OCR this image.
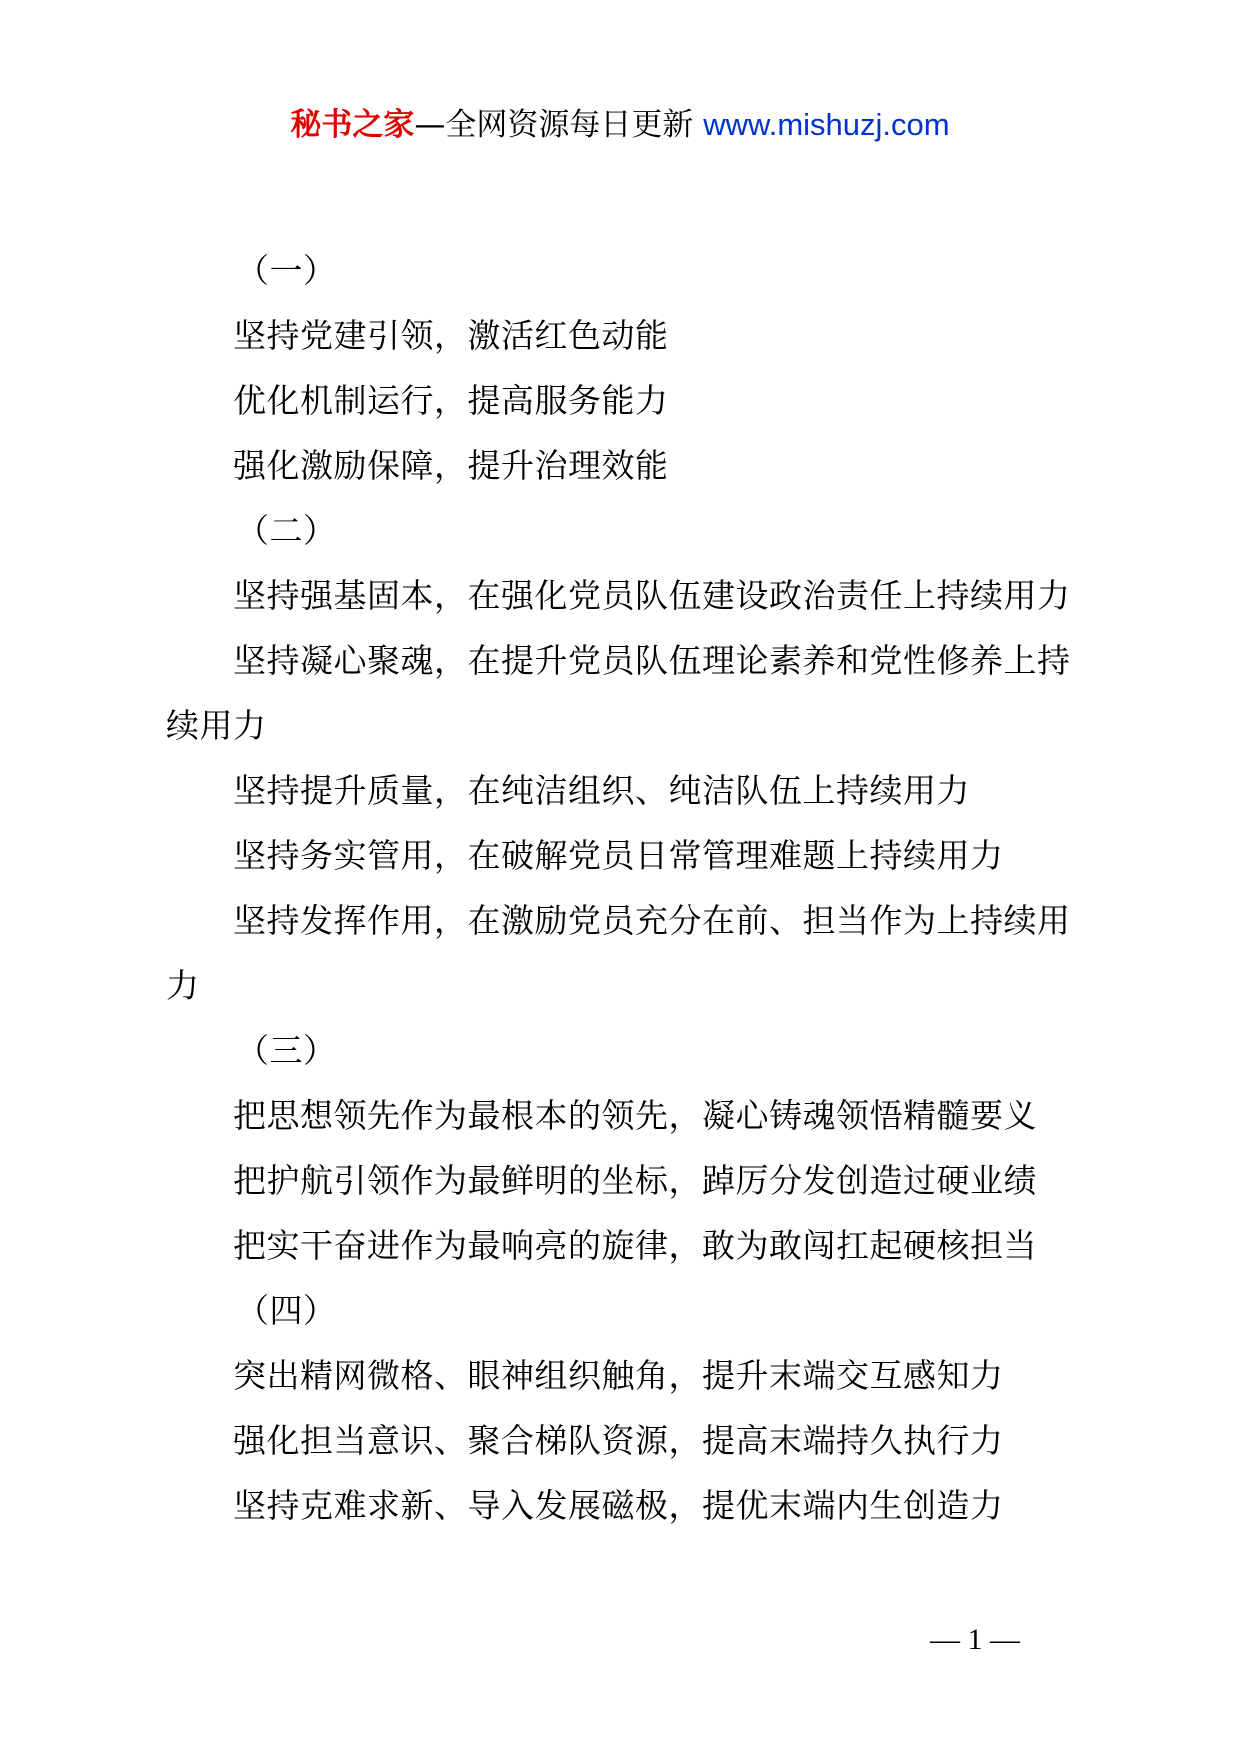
秘书之家—全网资源每日更新 www.mishuzj.com
（一）
坚持党建引领，激活红色动能
优化机制运行，提高服务能力
强化激励保障，提升治理效能
（二）
坚持强基固本，在强化党员队伍建设政治责任上持续用力
坚持凝心聚魂，在提升党员队伍理论素养和党性修养上持
续用力
坚持提升质量，在纯洁组织、纯洁队伍上持续用力
坚持务实管用，在破解党员日常管理难题上持续用力
坚持发挥作用，在激励党员充分在前、担当作为上持续用
力
（三）
把思想领先作为最根本的领先，凝心铸魂领悟精髓要义
把护航引领作为最鲜明的坐标，踔厉分发创造过硬业绩
把实干奋进作为最响亮的旋律，敢为敢闯扛起硬核担当
（四）
突出精网微格、眼神组织触角，提升末端交互感知力
强化担当意识、聚合梯队资源，提高末端持久执行力
坚持克难求新、导入发展磁极，提优末端内生创造力
— 1 —
